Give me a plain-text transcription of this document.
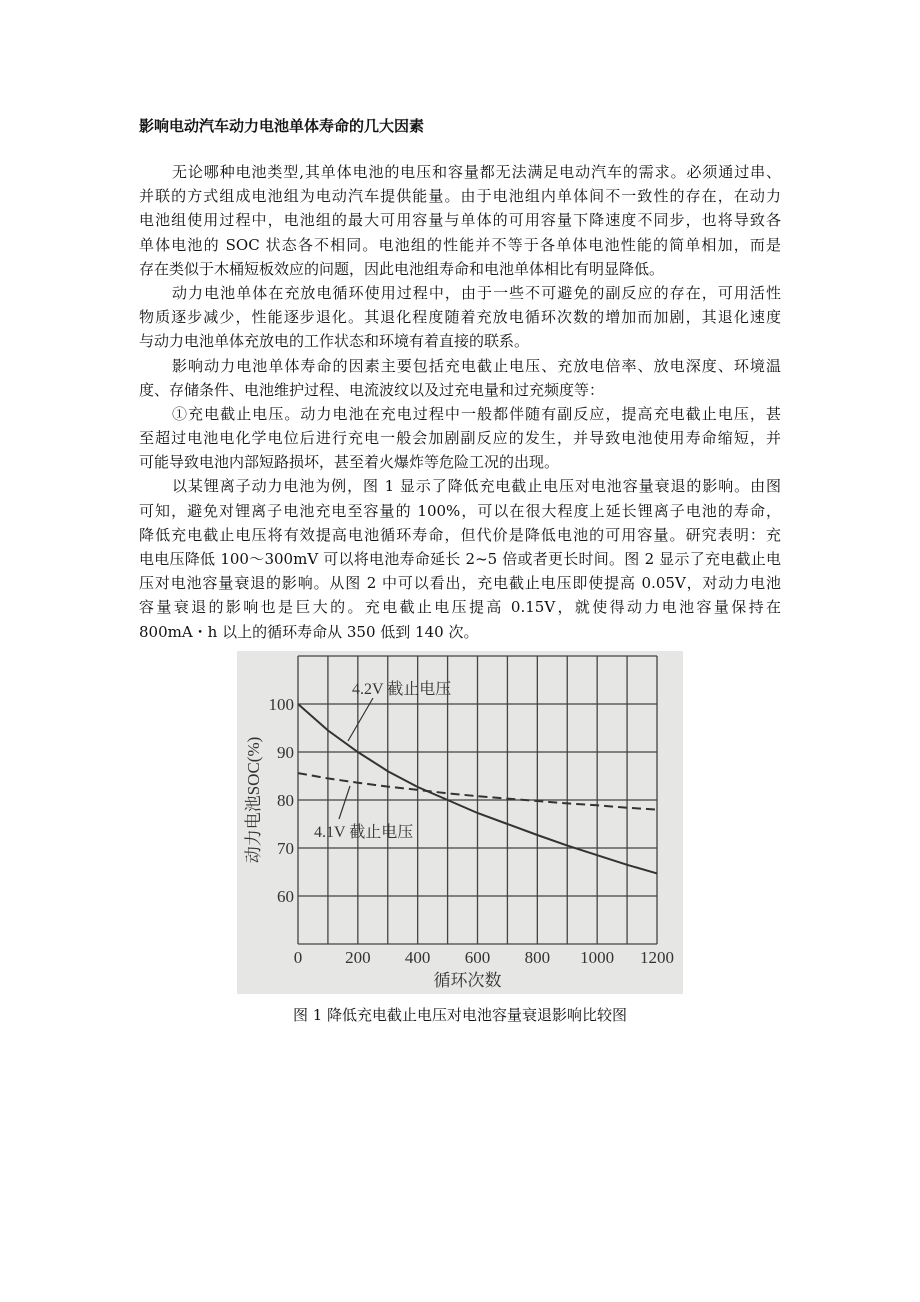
影响电动汽车动力电池单体寿命的几大因素
无论哪种电池类型,其单体电池的电压和容量都无法满足电动汽车的需求。必须通过串、
并联的方式组成电池组为电动汽车提供能量。由于电池组内单体间不一致性的存在，在动力
电池组使用过程中，电池组的最大可用容量与单体的可用容量下降速度不同步，也将导致各
单体电池的 SOC 状态各不相同。电池组的性能并不等于各单体电池性能的简单相加，而是
存在类似于木桶短板效应的问题，因此电池组寿命和电池单体相比有明显降低。
动力电池单体在充放电循环使用过程中，由于一些不可避免的副反应的存在，可用活性
物质逐步减少，性能逐步退化。其退化程度随着充放电循环次数的增加而加剧，其退化速度
与动力电池单体充放电的工作状态和环境有着直接的联系。
影响动力电池单体寿命的因素主要包括充电截止电压、充放电倍率、放电深度、环境温
度、存储条件、电池维护过程、电流波纹以及过充电量和过充频度等：
①充电截止电压。动力电池在充电过程中一般都伴随有副反应，提高充电截止电压，甚
至超过电池电化学电位后进行充电一般会加剧副反应的发生，并导致电池使用寿命缩短，并
可能导致电池内部短路损坏，甚至着火爆炸等危险工况的出现。
以某锂离子动力电池为例，图 1 显示了降低充电截止电压对电池容量衰退的影响。由图
可知，避免对锂离子电池充电至容量的 100%，可以在很大程度上延长锂离子电池的寿命，
降低充电截止电压将有效提高电池循环寿命，但代价是降低电池的可用容量。研究表明：充
电电压降低 100～300mV 可以将电池寿命延长 2~5 倍或者更长时间。图 2 显示了充电截止电
压对电池容量衰退的影响。从图 2 中可以看出，充电截止电压即使提高 0.05V，对动力电池
容量衰退的影响也是巨大的。充电截止电压提高 0.15V，就使得动力电池容量保持在
800mA・h 以上的循环寿命从 350 低到 140 次。
0	200 400 600 800 1000 1200
100
90
80
70
60
循环次数
动力电池SOC(%)
4.2V 截止电压
4.1V 截止电压
图 1 降低充电截止电压对电池容量衰退影响比较图
